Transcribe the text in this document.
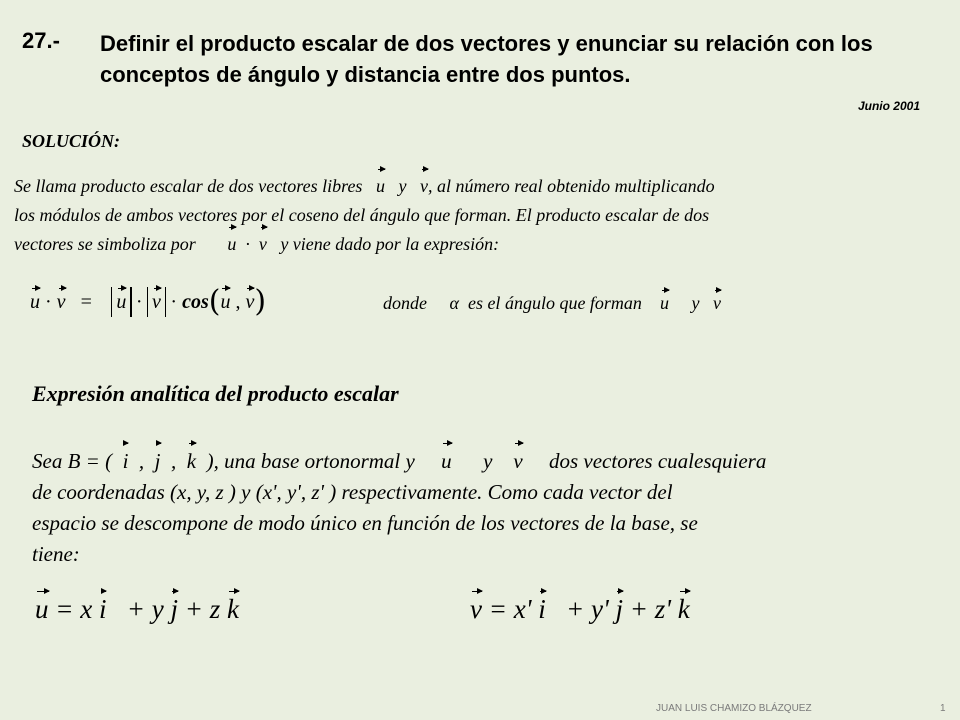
27.- Definir el producto escalar de dos vectores y enunciar su relación con los conceptos de ángulo y distancia entre dos puntos.
Junio 2001
SOLUCIÓN:
Se llama producto escalar de dos vectores libres u y v, al número real obtenido multiplicando
los módulos de ambos vectores por el coseno del ángulo que forman. El producto escalar de dos
vectores se simboliza por u · v y viene dado por la expresión:
u
·
v
=
u · v ·
cos ( u
,
v )	donde α es el ángulo que forman u y v
Expresión analítica del producto escalar
Sea B = ( i , j , k ), una base ortonormal y u y v dos vectores cualesquiera
de coordenadas (x, y, z ) y (x', y', z' ) respectivamente. Como cada vector del
espacio se descompone de modo único en función de los vectores de la base, se
tiene:
u = x i   + y j + z k	v = x' i   + y' j + z' k
JUAN LUIS CHAMIZO BLÁZQUEZ	1
